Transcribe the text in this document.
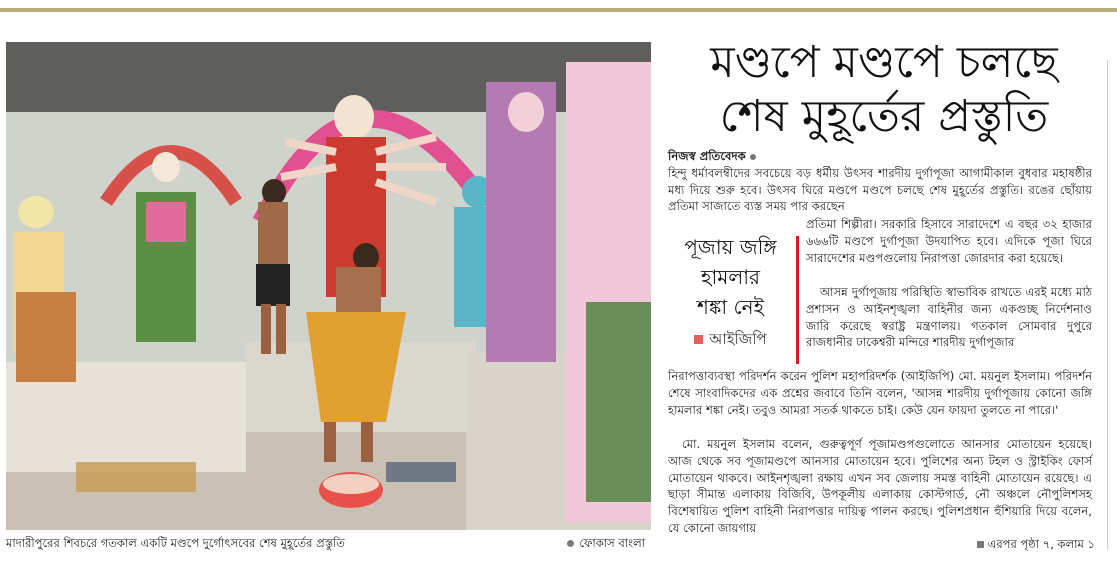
মাদারীপুরের শিবচরে গতকাল একটি মণ্ডপে দুর্গোৎসবের শেষ মুহূর্তের প্রস্তুতি	ফোকাস বাংলা
মণ্ডপে মণ্ডপে চলছে
শেষ মুহূর্তের প্রস্তুতি
নিজস্ব প্রতিবেদক
হিন্দু ধর্মাবলম্বীদের সবচেয়ে বড় ধর্মীয় উৎসব শারদীয় দুর্গাপূজা আগামীকাল বুধবার মহাষষ্ঠীর মধ্য দিয়ে শুরু হবে। উৎসব ঘিরে মণ্ডপে মণ্ডপে চলছে শেষ মুহূর্তের প্রস্তুতি। রঙের ছোঁয়ায় প্রতিমা সাজাতে ব্যস্ত সময় পার করছেন
পূজায় জঙ্গি
হামলার
শঙ্কা নেই
আইজিপি
প্রতিমা শিল্পীরা। সরকারি হিসাবে সারাদেশে এ বছর ৩২ হাজার ৬৬৬টি মণ্ডপে দুর্গাপূজা উদযাপিত হবে। এদিকে পূজা ঘিরে সারাদেশের মণ্ডপগুলোয় নিরাপত্তা জোরদার করা হয়েছে।
আসন্ন দুর্গাপূজায় পরিস্থিতি স্বাভাবিক রাখতে এরই মধ্যে মাঠ প্রশাসন ও আইনশৃঙ্খলা বাহিনীর জন্য একগুচ্ছ নির্দেশনাও জারি করেছে স্বরাষ্ট্র মন্ত্রণালয়। গতকাল সোমবার দুপুরে রাজধানীর ঢাকেশ্বরী মন্দিরে শারদীয় দুর্গাপূজার
নিরাপত্তাব্যবস্থা পরিদর্শন করেন পুলিশ মহাপরিদর্শক (আইজিপি) মো. ময়নুল ইসলাম। পরিদর্শন শেষে সাংবাদিকদের এক প্রশ্নের জবাবে তিনি বলেন, 'আসন্ন শারদীয় দুর্গাপূজায় কোনো জঙ্গি হামলার শঙ্কা নেই। তবুও আমরা সতর্ক থাকতে চাই। কেউ যেন ফায়দা তুলতে না পারে।'
মো. ময়নুল ইসলাম বলেন, গুরুত্বপূর্ণ পূজামণ্ডপগুলোতে আনসার মোতায়েন হয়েছে। আজ থেকে সব পূজামণ্ডপে আনসার মোতায়েন হবে। পুলিশের অন্য টহল ও স্ট্রাইকিং ফোর্স মোতায়েন থাকবে। আইনশৃঙ্খলা রক্ষায় এখন সব জেলায় সমস্ত বাহিনী মোতায়েন রয়েছে। এ ছাড়া সীমান্ত এলাকায় বিজিবি, উপকূলীয় এলাকায় কোস্টগার্ড, নৌ অঞ্চলে নৌপুলিশসহ বিশেষায়িত পুলিশ বাহিনী নিরাপত্তার দায়িত্ব পালন করছে। পুলিশপ্রধান হুঁশিয়ারি দিয়ে বলেন, যে কোনো জায়গায়
এরপর পৃষ্ঠা ৭, কলাম ১
